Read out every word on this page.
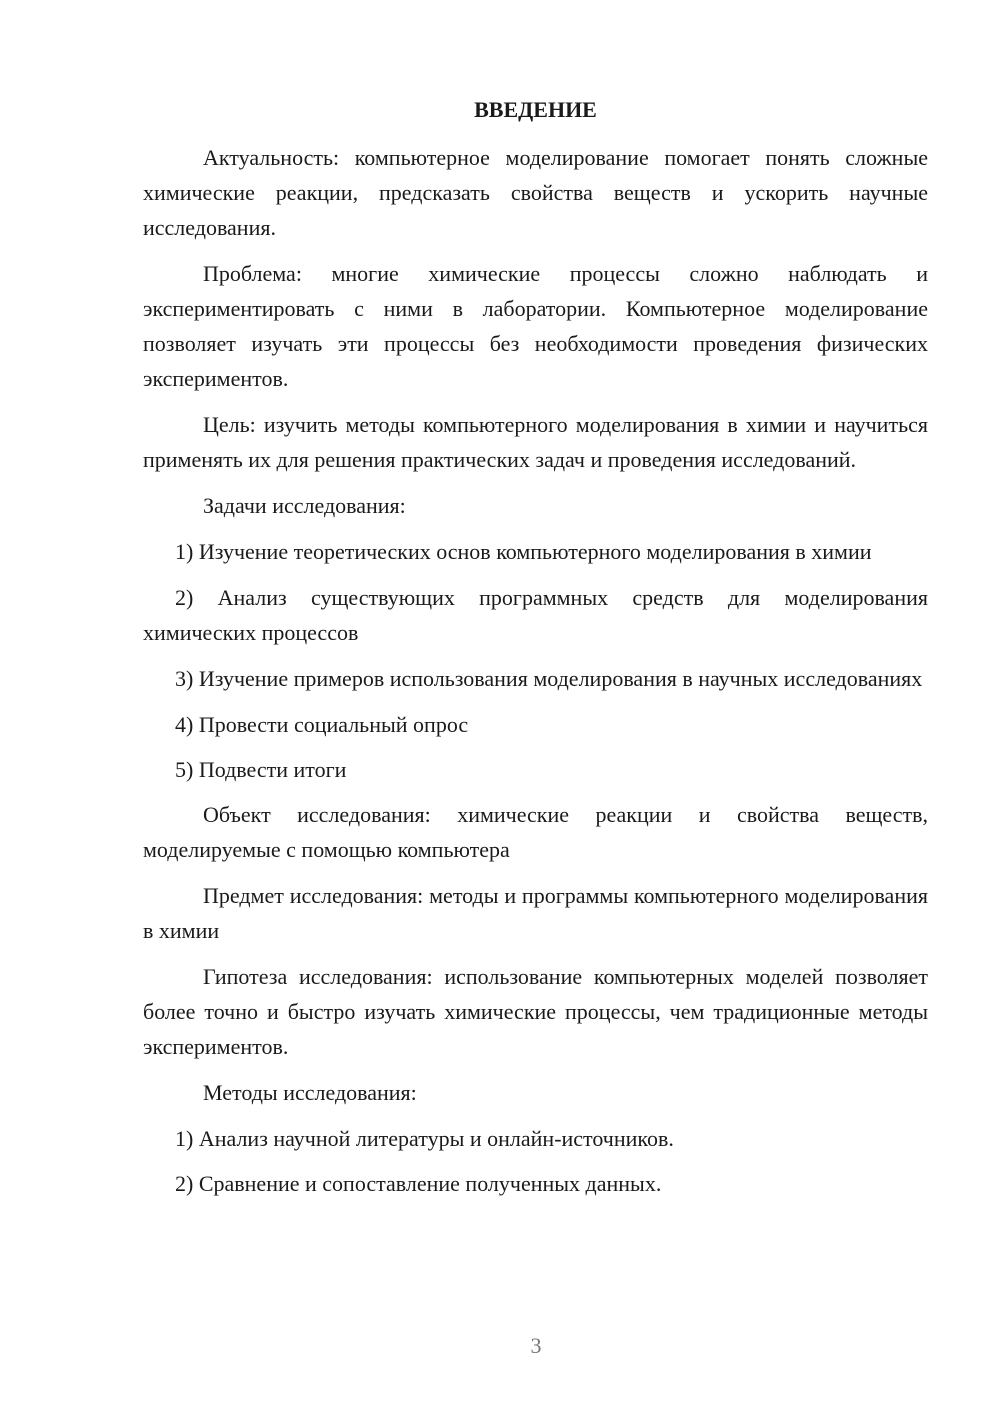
ВВЕДЕНИЕ

Актуальность: компьютерное моделирование помогает понять сложные химические реакции, предсказать свойства веществ и ускорить научные исследования.

Проблема: многие химические процессы сложно наблюдать и экспериментировать с ними в лаборатории. Компьютерное моделирование позволяет изучать эти процессы без необходимости проведения физических экспериментов.

Цель: изучить методы компьютерного моделирования в химии и научиться применять их для решения практических задач и проведения исследований.

Задачи исследования:

1) Изучение теоретических основ компьютерного моделирования в химии

2) Анализ существующих программных средств для моделирования химических процессов

3) Изучение примеров использования моделирования в научных исследованиях

4) Провести социальный опрос

5) Подвести итоги

Объект исследования: химические реакции и свойства веществ, моделируемые с помощью компьютера

Предмет исследования: методы и программы компьютерного моделирования в химии

Гипотеза исследования: использование компьютерных моделей позволяет более точно и быстро изучать химические процессы, чем традиционные методы экспериментов.

Методы исследования:

1) Анализ научной литературы и онлайн-источников.

2) Сравнение и сопоставление полученных данных.

3
